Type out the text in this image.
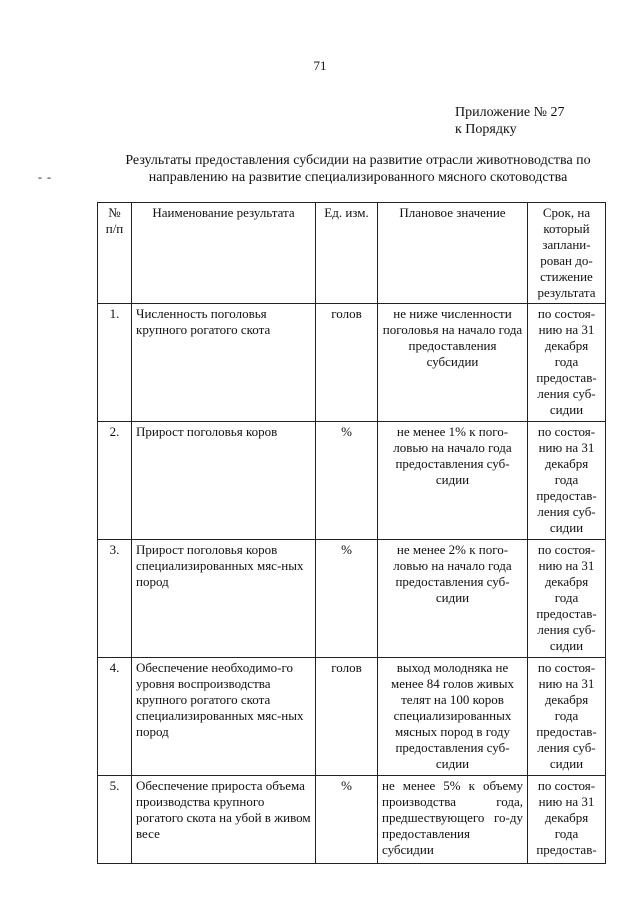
71
Приложение № 27
к Порядку
- -
Результаты предоставления субсидии на развитие отрасли животноводства по направлению на развитие специализированного мясного скотоводства
№ п/п	Наименование результата	Ед. изм.	Плановое значение	Срок, на который заплани-рован до-стижение результата
1.	Численность поголовья крупного рогатого скота	голов	не ниже численности поголовья на начало года предоставления субсидии	по состоя-нию на 31 декабря года предостав-ления суб-сидии
2.	Прирост поголовья коров	%	не менее 1% к пого-ловью на начало года предоставления суб-сидии	по состоя-нию на 31 декабря года предостав-ления суб-сидии
3.	Прирост поголовья коров специализированных мяс-ных пород	%	не менее 2% к пого-ловью на начало года предоставления суб-сидии	по состоя-нию на 31 декабря года предостав-ления суб-сидии
4.	Обеспечение необходимо-го уровня воспроизводства крупного рогатого скота специализированных мяс-ных пород	голов	выход молодняка не менее 84 голов живых телят на 100 коров специализированных мясных пород в году предоставления суб-сидии	по состоя-нию на 31 декабря года предостав-ления суб-сидии
5.	Обеспечение прироста объема производства крупного рогатого скота на убой в живом весе	%	не менее 5% к объему производства года, предшествующего го-ду предоставления субсидии	по состоя-нию на 31 декабря года предостав-
